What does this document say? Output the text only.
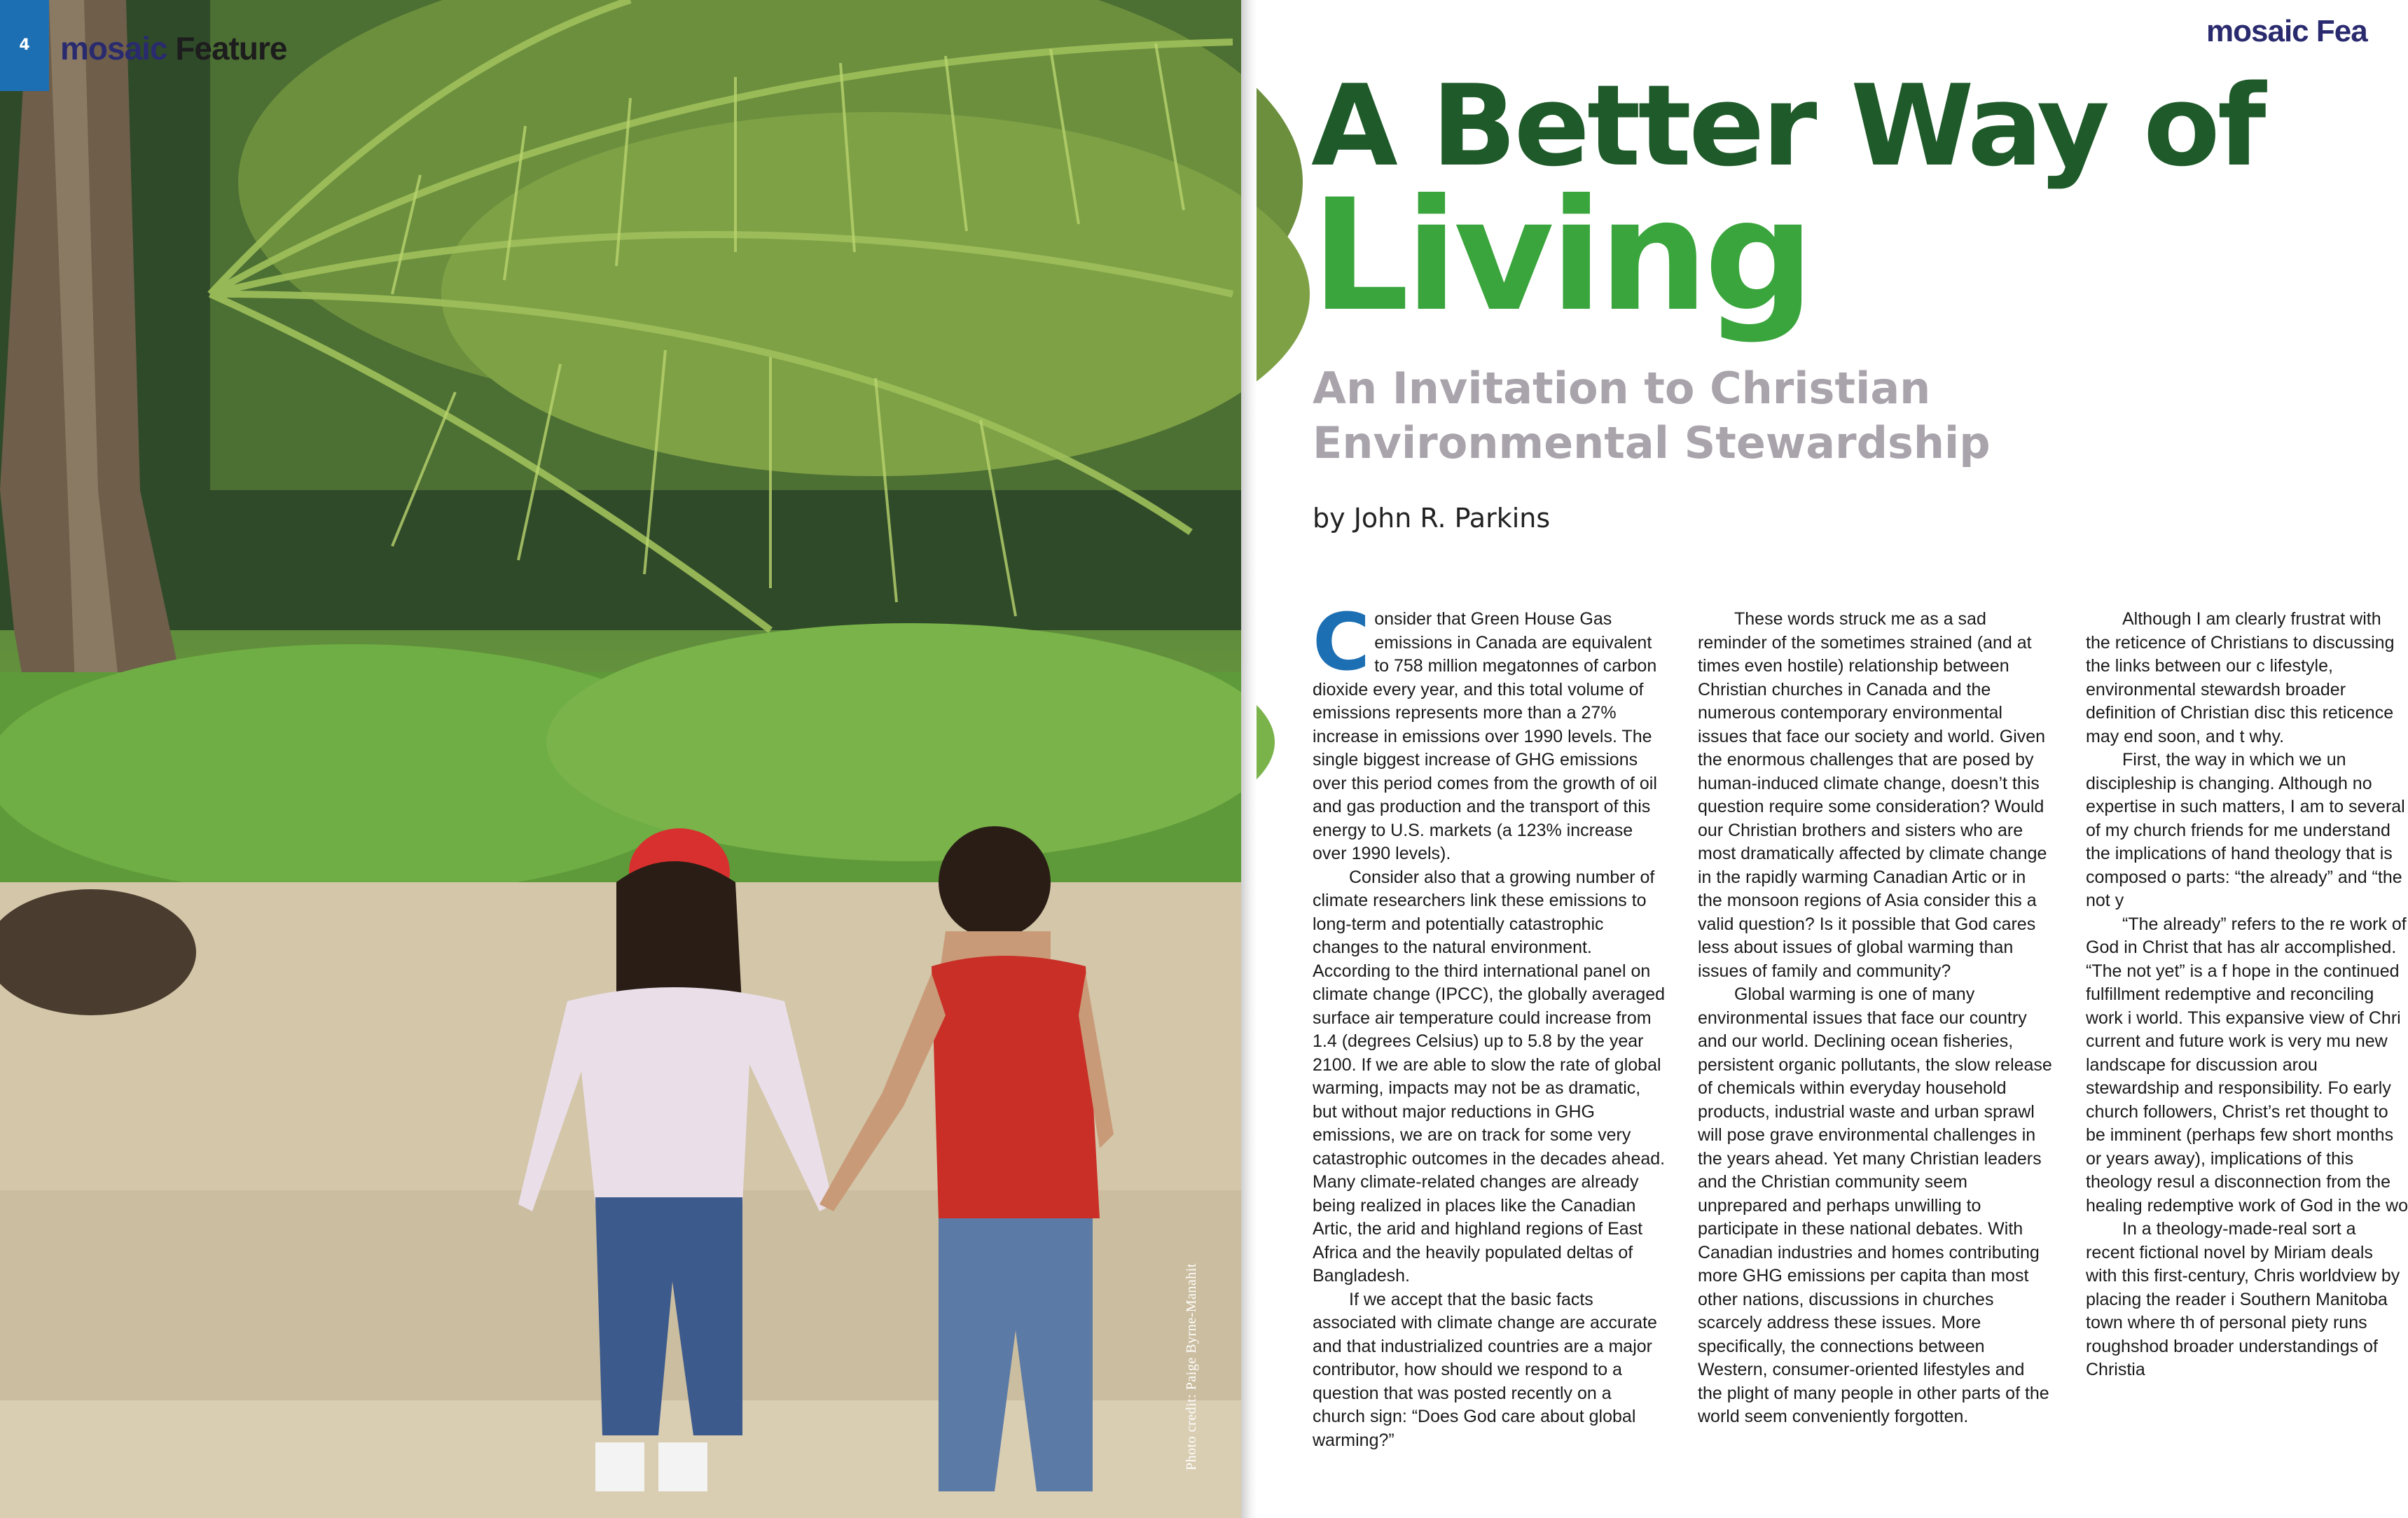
4 mosaic Feature
Photo credit: Paige Byrne-Manahit
mosaic Fea
A Better Way of
Living
An Invitation to Christian
Environmental Stewardship
by John R. Parkins

Consider that Green House Gas emissions in Canada are equivalent to 758 million megatonnes of carbon dioxide every year, and this total volume of emissions represents more than a 27% increase in emissions over 1990 levels. The single biggest increase of GHG emissions over this period comes from the growth of oil and gas production and the transport of this energy to U.S. markets (a 123% increase over 1990 levels).

Consider also that a growing number of climate researchers link these emissions to long-term and potentially catastrophic changes to the natural environment. According to the third international panel on climate change (IPCC), the globally averaged surface air temperature could increase from 1.4 (degrees Celsius) up to 5.8 by the year 2100. If we are able to slow the rate of global warming, impacts may not be as dramatic, but without major reductions in GHG emissions, we are on track for some very catastrophic outcomes in the decades ahead. Many climate-related changes are already being realized in places like the Canadian Artic, the arid and highland regions of East Africa and the heavily populated deltas of Bangladesh.

If we accept that the basic facts associated with climate change are accurate and that industrialized countries are a major contributor, how should we respond to a question that was posted recently on a church sign: “Does God care about global warming?”

These words struck me as a sad reminder of the sometimes strained (and at times even hostile) relationship between Christian churches in Canada and the numerous contemporary environmental issues that face our society and world. Given the enormous challenges that are posed by human-induced climate change, doesn’t this question require some consideration? Would our Christian brothers and sisters who are most dramatically affected by climate change in the rapidly warming Canadian Artic or in the monsoon regions of Asia consider this a valid question? Is it possible that God cares less about issues of global warming than issues of family and community?

Global warming is one of many environmental issues that face our country and our world. Declining ocean fisheries, persistent organic pollutants, the slow release of chemicals within everyday household products, industrial waste and urban sprawl will pose grave environmental challenges in the years ahead. Yet many Christian leaders and the Christian community seem unprepared and perhaps unwilling to participate in these national debates. With Canadian industries and homes contributing more GHG emissions per capita than most other nations, discussions in churches scarcely address these issues. More specifically, the connections between Western, consumer-oriented lifestyles and the plight of many people in other parts of the world seem conveniently forgotten.

Although I am clearly frustrat with the reticence of Christians to discussing the links between our c lifestyle, environmental stewardsh broader definition of Christian disc this reticence may end soon, and t why.

First, the way in which we un discipleship is changing. Although no expertise in such matters, I am to several of my church friends for me understand the implications of hand theology that is composed o parts: “the already” and “the not y

“The already” refers to the re work of God in Christ that has alr accomplished. “The not yet” is a f hope in the continued fulfillment redemptive and reconciling work i world. This expansive view of Chri current and future work is very mu new landscape for discussion arou stewardship and responsibility. Fo early church followers, Christ’s ret thought to be imminent (perhaps few short months or years away), implications of this theology resul a disconnection from the healing redemptive work of God in the wo

In a theology-made-real sort a recent fictional novel by Miriam deals with this first-century, Chris worldview by placing the reader i Southern Manitoba town where th of personal piety runs roughshod broader understandings of Christia
